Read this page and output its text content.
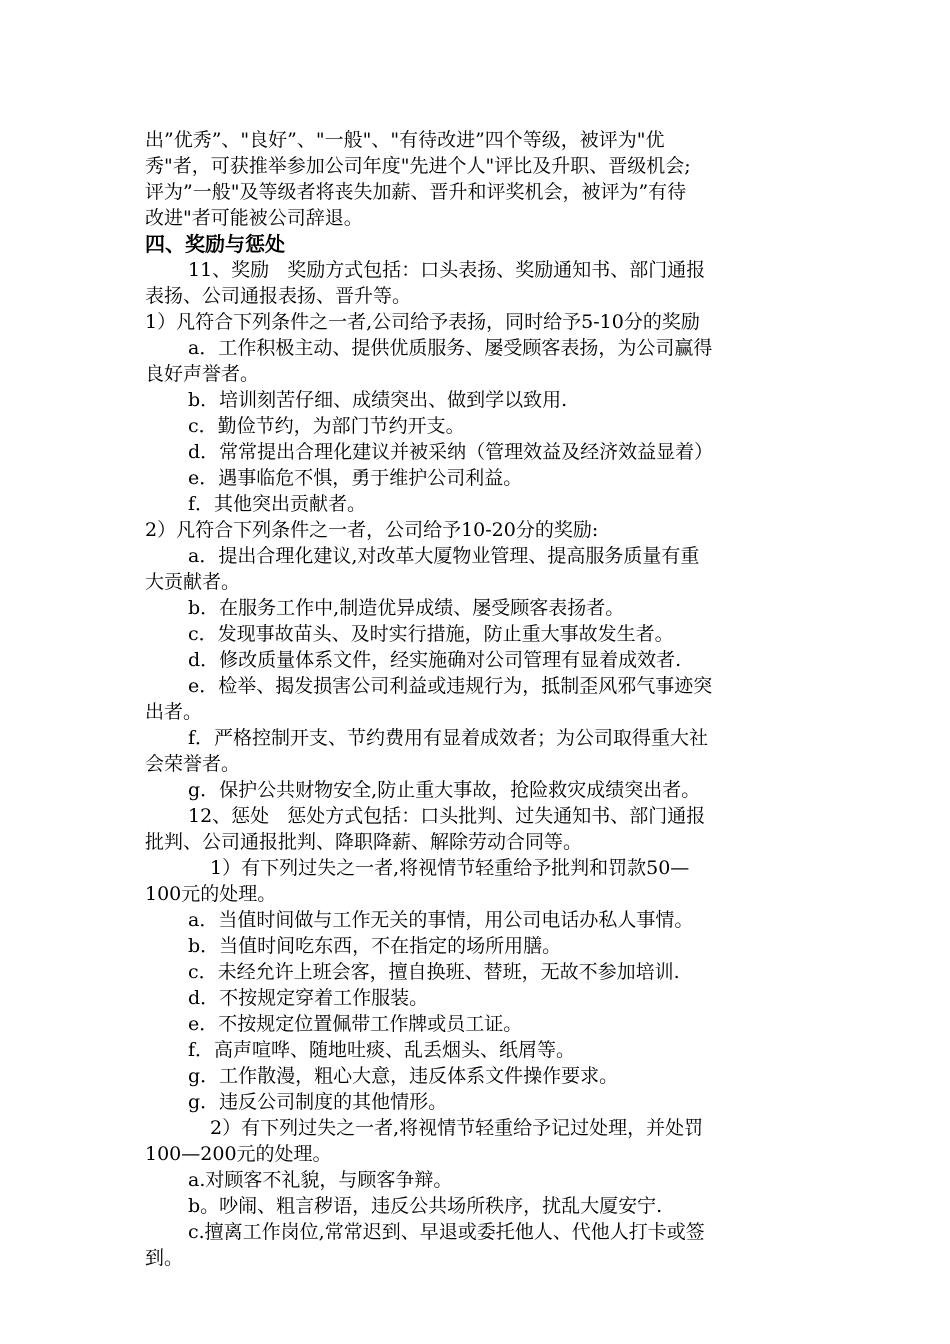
出”优秀”、"良好”、"一般"、"有待改进”四个等级，被评为"优
秀"者，可获推举参加公司年度"先进个人"评比及升职、晋级机会;
评为”一般"及等级者将丧失加薪、晋升和评奖机会，被评为”有待
改进"者可能被公司辞退。
四、奖励与惩处
11、奖励   奖励方式包括：口头表扬、奖励通知书、部门通报
表扬、公司通报表扬、晋升等。
1）凡符合下列条件之一者,公司给予表扬，同时给予5-10分的奖励
a．工作积极主动、提供优质服务、屡受顾客表扬，为公司赢得
良好声誉者。
b．培训刻苦仔细、成绩突出、做到学以致用.
c．勤俭节约，为部门节约开支。
d．常常提出合理化建议并被采纳（管理效益及经济效益显着）
e．遇事临危不惧，勇于维护公司利益。
f．其他突出贡献者。
2）凡符合下列条件之一者，公司给予10-20分的奖励:
a．提出合理化建议,对改革大厦物业管理、提高服务质量有重
大贡献者。
b．在服务工作中,制造优异成绩、屡受顾客表扬者。
c．发现事故苗头、及时实行措施，防止重大事故发生者。
d．修改质量体系文件，经实施确对公司管理有显着成效者.
e．检举、揭发损害公司利益或违规行为，抵制歪风邪气事迹突
出者。
f．严格控制开支、节约费用有显着成效者；为公司取得重大社
会荣誉者。
g．保护公共财物安全,防止重大事故，抢险救灾成绩突出者。
12、惩处   惩处方式包括：口头批判、过失通知书、部门通报
批判、公司通报批判、降职降薪、解除劳动合同等。
1）有下列过失之一者,将视情节轻重给予批判和罚款50—
100元的处理。
a．当值时间做与工作无关的事情，用公司电话办私人事情。
b．当值时间吃东西，不在指定的场所用膳。
c．未经允许上班会客，擅自换班、替班，无故不参加培训.
d．不按规定穿着工作服装。
e．不按规定位置佩带工作牌或员工证。
f．高声喧哗、随地吐痰、乱丢烟头、纸屑等。
g．工作散漫，粗心大意，违反体系文件操作要求。
g．违反公司制度的其他情形。
2）有下列过失之一者,将视情节轻重给予记过处理，并处罚
100—200元的处理。
a.对顾客不礼貌，与顾客争辩。
b。吵闹、粗言秽语，违反公共场所秩序，扰乱大厦安宁.
c.擅离工作岗位,常常迟到、早退或委托他人、代他人打卡或签
到。
